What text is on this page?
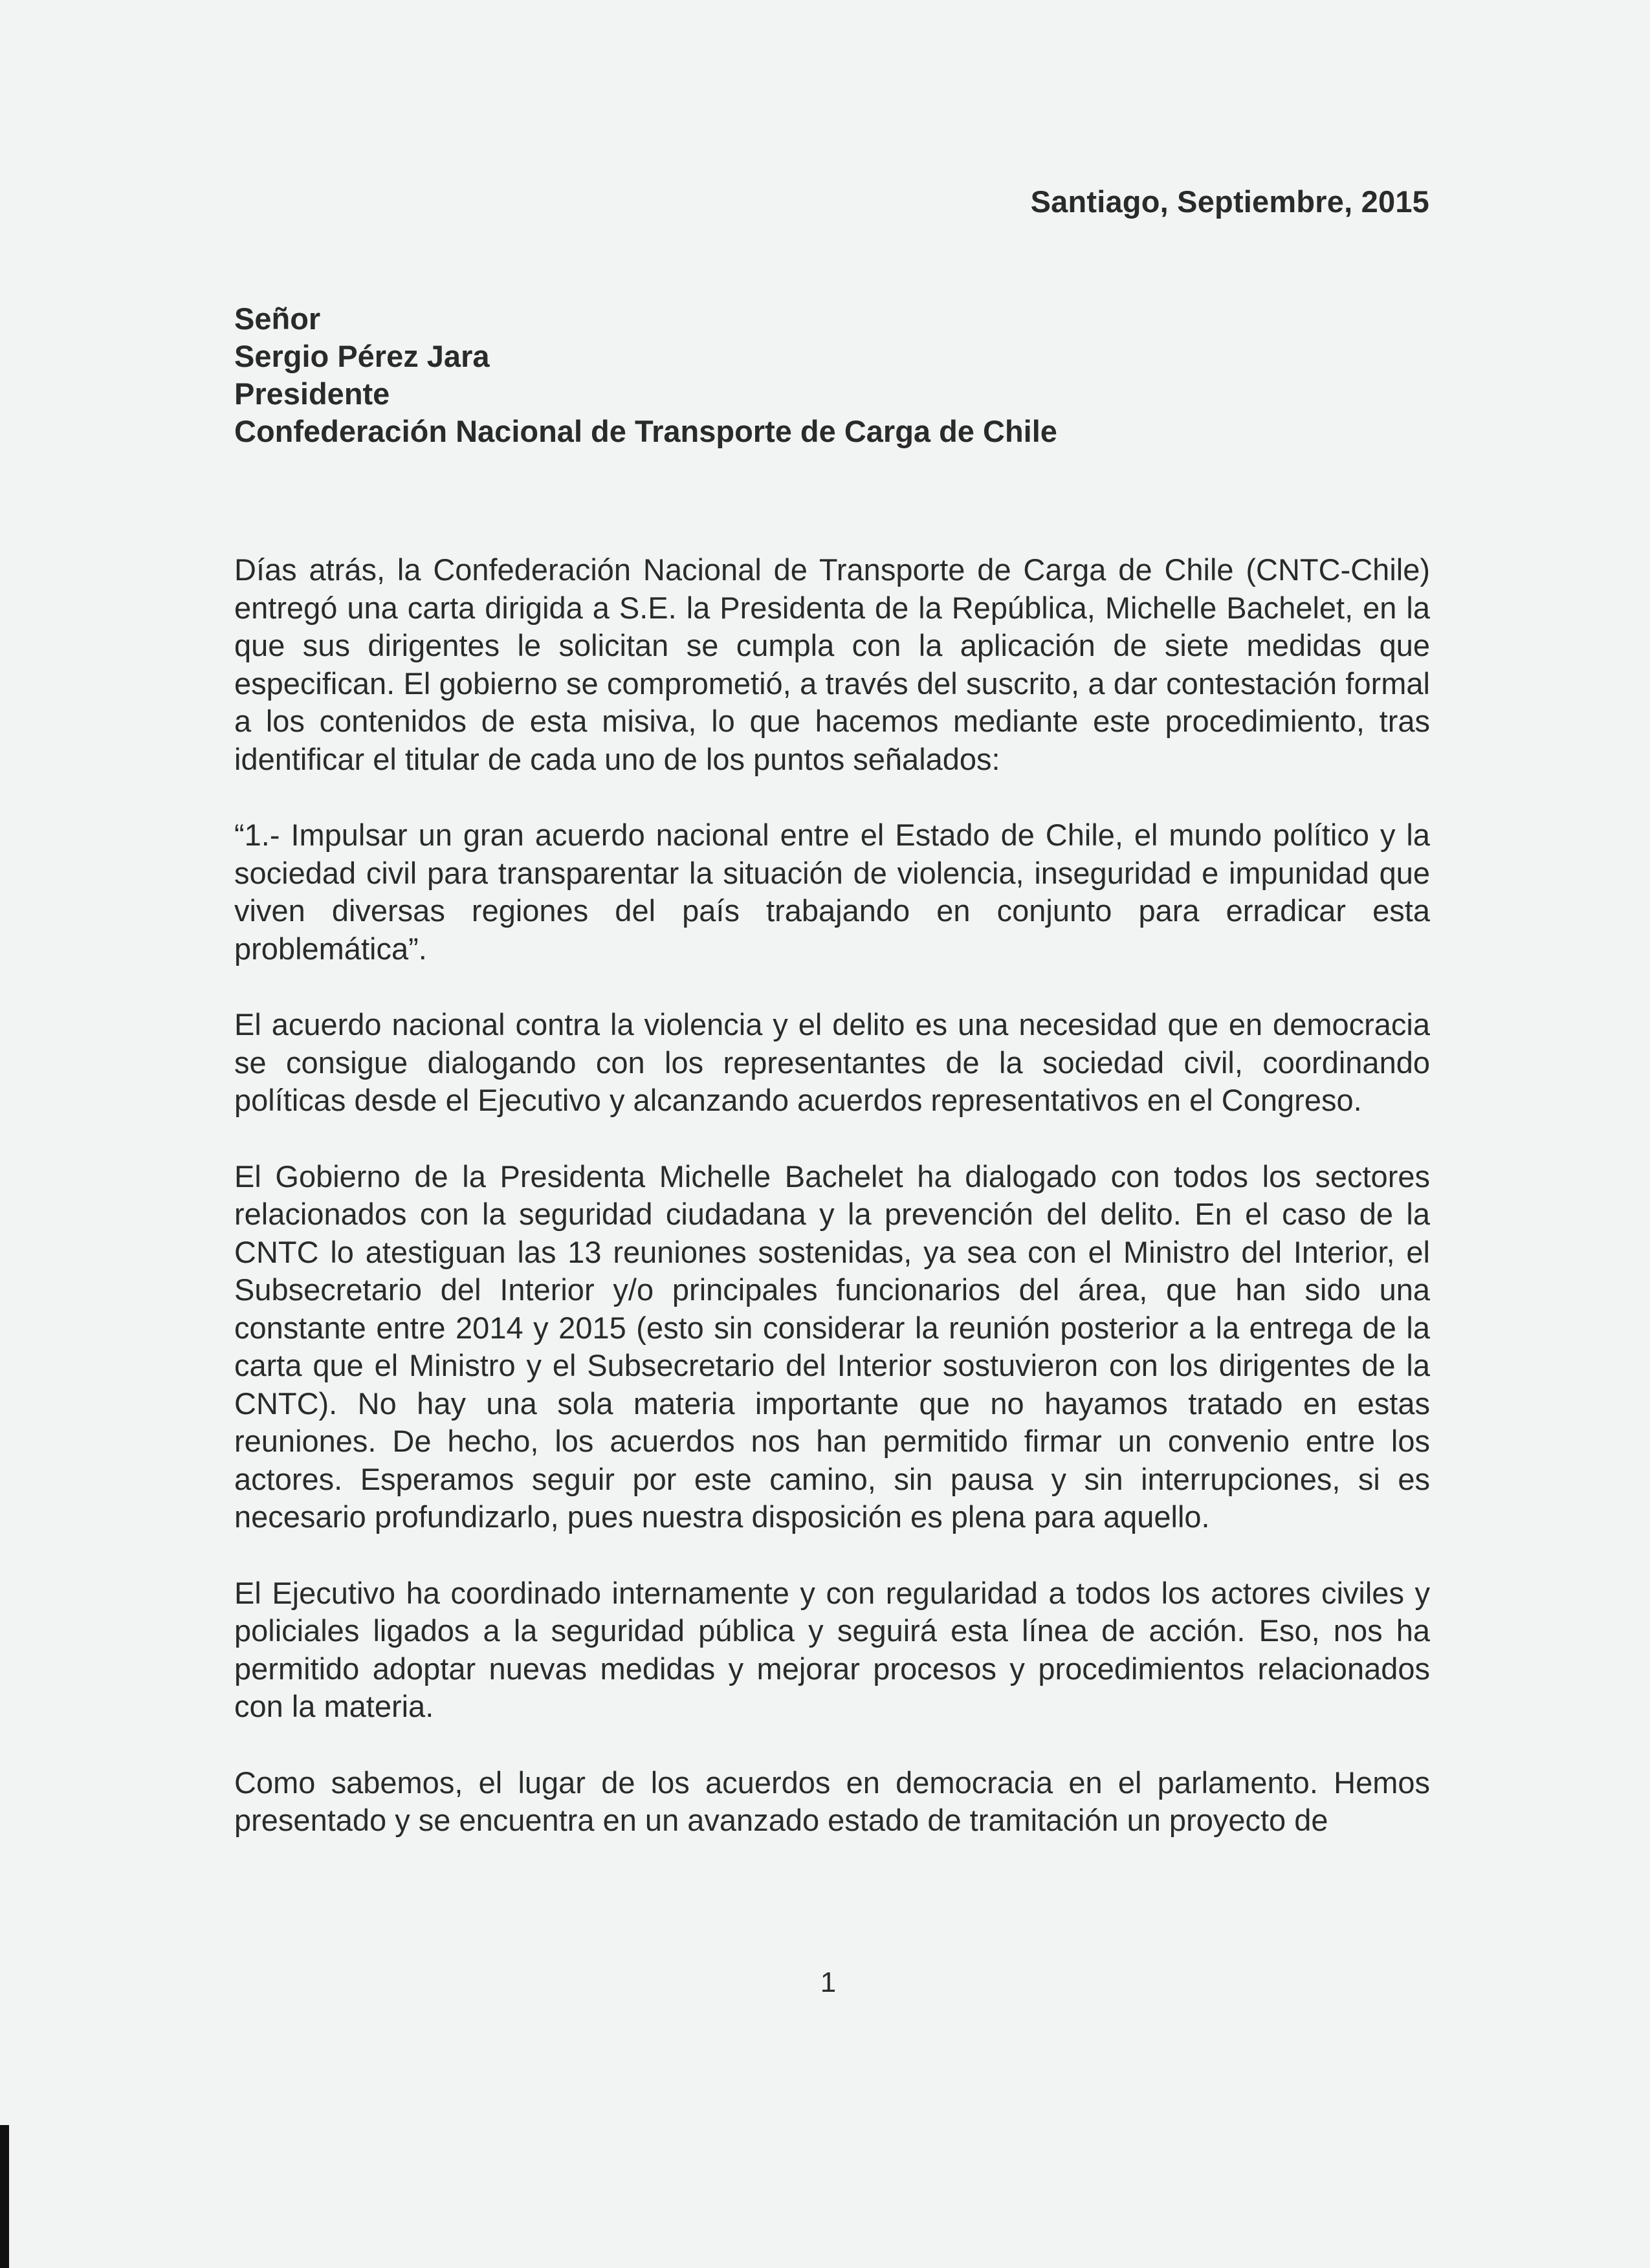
Santiago, Septiembre, 2015
Señor
Sergio Pérez Jara
Presidente
Confederación Nacional de Transporte de Carga de Chile

Días atrás, la Confederación Nacional de Transporte de Carga de Chile (CNTC-Chile) entregó una carta dirigida a S.E. la Presidenta de la República, Michelle Bachelet, en la que sus dirigentes le solicitan se cumpla con la aplicación de siete medidas que especifican. El gobierno se comprometió, a través del suscrito, a dar contestación formal a los contenidos de esta misiva, lo que hacemos mediante este procedimiento, tras identificar el titular de cada uno de los puntos señalados:

“1.- Impulsar un gran acuerdo nacional entre el Estado de Chile, el mundo político y la sociedad civil para transparentar la situación de violencia, inseguridad e impunidad que viven diversas regiones del país trabajando en conjunto para erradicar esta problemática”.

El acuerdo nacional contra la violencia y el delito es una necesidad que en democracia se consigue dialogando con los representantes de la sociedad civil, coordinando políticas desde el Ejecutivo y alcanzando acuerdos representativos en el Congreso.

El Gobierno de la Presidenta Michelle Bachelet ha dialogado con todos los sectores relacionados con la seguridad ciudadana y la prevención del delito. En el caso de la CNTC lo atestiguan las 13 reuniones sostenidas, ya sea con el Ministro del Interior, el Subsecretario del Interior y/o principales funcionarios del área, que han sido una constante entre 2014 y 2015 (esto sin considerar la reunión posterior a la entrega de la carta que el Ministro y el Subsecretario del Interior sostuvieron con los dirigentes de la CNTC). No hay una sola materia importante que no hayamos tratado en estas reuniones. De hecho, los acuerdos nos han permitido firmar un convenio entre los actores. Esperamos seguir por este camino, sin pausa y sin interrupciones, si es necesario profundizarlo, pues nuestra disposición es plena para aquello.

El Ejecutivo ha coordinado internamente y con regularidad a todos los actores civiles y policiales ligados a la seguridad pública y seguirá esta línea de acción. Eso, nos ha permitido adoptar nuevas medidas y mejorar procesos y procedimientos relacionados con la materia.

Como sabemos, el lugar de los acuerdos en democracia en el parlamento. Hemos presentado y se encuentra en un avanzado estado de tramitación un proyecto de

1
